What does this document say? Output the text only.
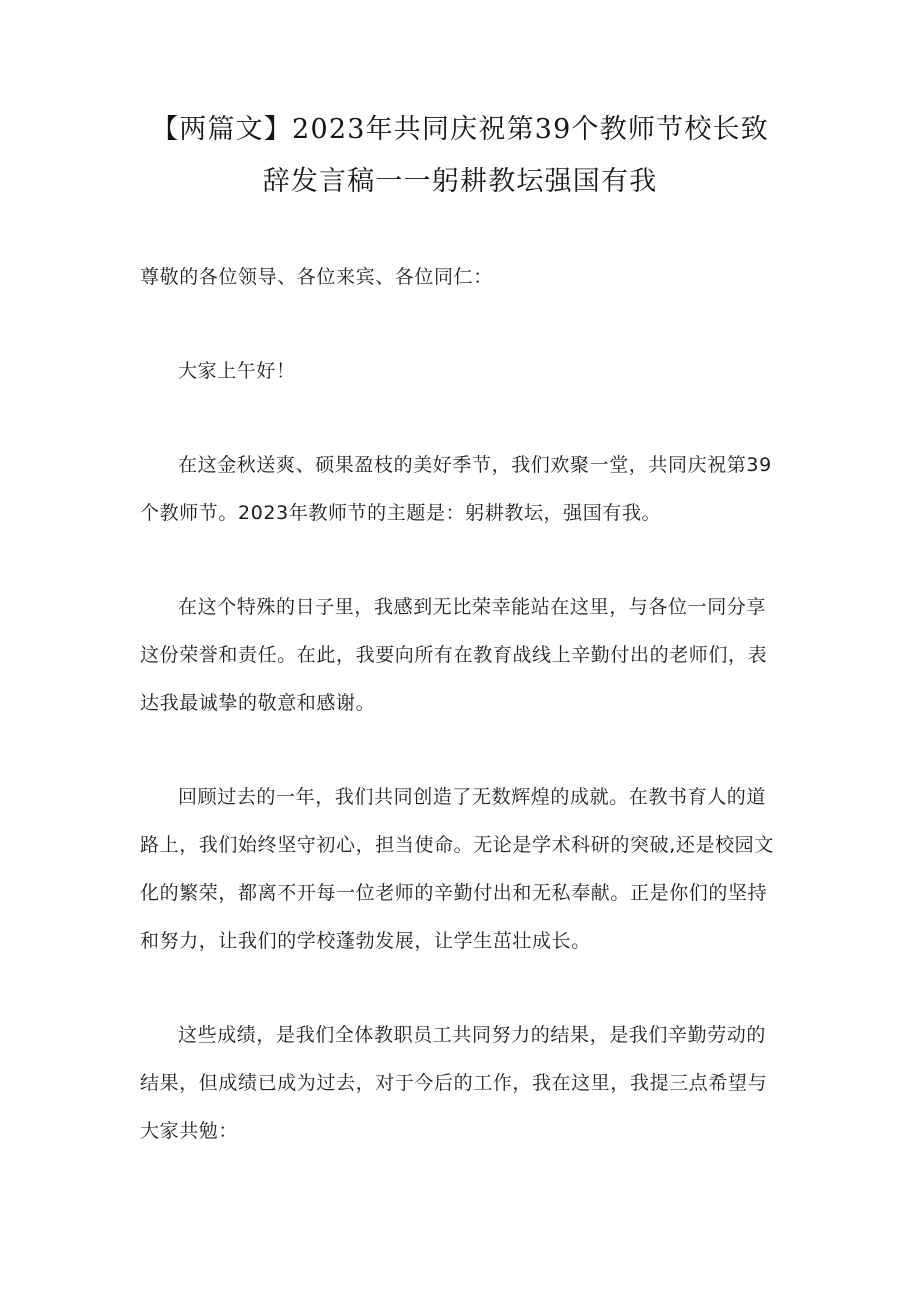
【两篇文】2023年共同庆祝第39个教师节校长致
辞发言稿一一躬耕教坛强国有我
尊敬的各位领导、各位来宾、各位同仁：
大家上午好！
在这金秋送爽、硕果盈枝的美好季节，我们欢聚一堂，共同庆祝第39
个教师节。2023年教师节的主题是：躬耕教坛，强国有我。
在这个特殊的日子里，我感到无比荣幸能站在这里，与各位一同分享
这份荣誉和责任。在此，我要向所有在教育战线上辛勤付出的老师们，表
达我最诚挚的敬意和感谢。
回顾过去的一年，我们共同创造了无数辉煌的成就。在教书育人的道
路上，我们始终坚守初心，担当使命。无论是学术科研的突破,还是校园文
化的繁荣，都离不开每一位老师的辛勤付出和无私奉献。正是你们的坚持
和努力，让我们的学校蓬勃发展，让学生茁壮成长。
这些成绩，是我们全体教职员工共同努力的结果，是我们辛勤劳动的
结果，但成绩已成为过去，对于今后的工作，我在这里，我提三点希望与
大家共勉：
